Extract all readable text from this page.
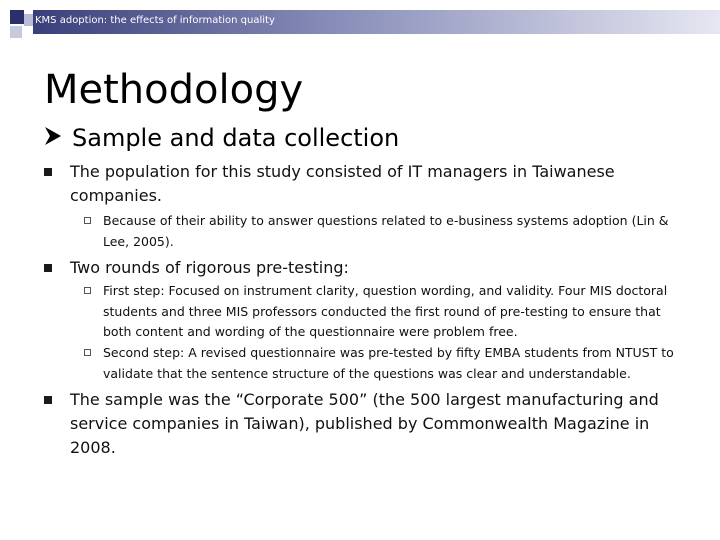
KMS adoption: the effects of information quality
Methodology
Sample and data collection
The population for this study consisted of IT managers in Taiwanese companies.
Because of their ability to answer questions related to e-business systems adoption (Lin & Lee, 2005).
Two rounds of rigorous pre-testing:
First step: Focused on instrument clarity, question wording, and validity. Four MIS doctoral students and three MIS professors conducted the first round of pre-testing to ensure that both content and wording of the questionnaire were problem free.
Second step: A revised questionnaire was pre-tested by fifty EMBA students from NTUST to validate that the sentence structure of the questions was clear and understandable.
The sample was the “Corporate 500” (the 500 largest manufacturing and service companies in Taiwan), published by Commonwealth Magazine in 2008.
